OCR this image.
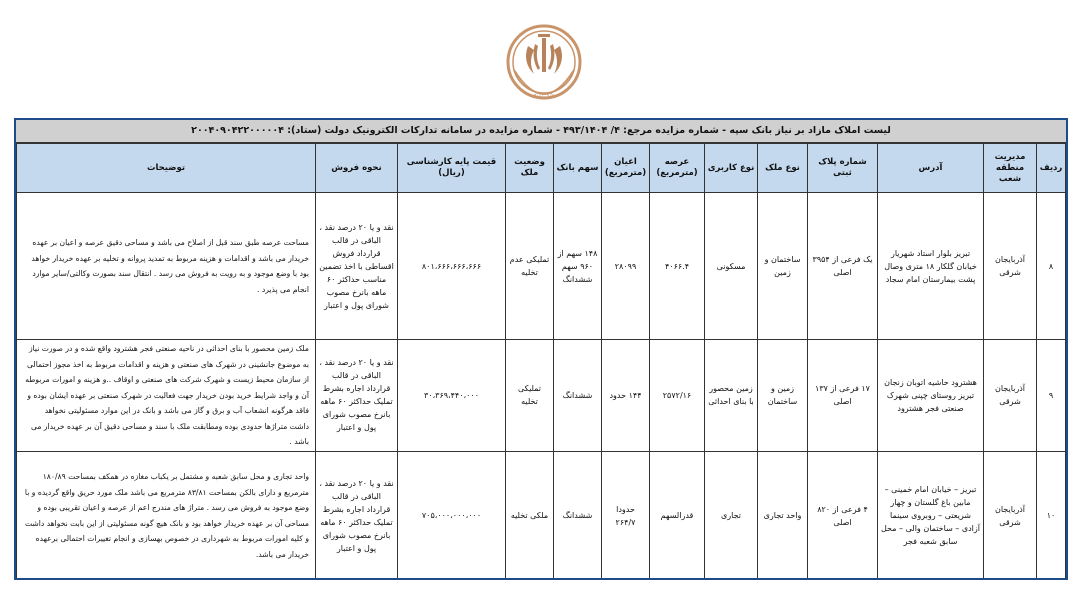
بانک سپه
لیست املاک مازاد بر نیاز بانک سپه - شماره مزایده مرجع: ۴/ ۴۹۳/۱۴۰۴ - شماره مزایده در سامانه تدارکات الکترونیک دولت (ستاد): ۲۰۰۴۰۹۰۴۲۲۰۰۰۰۰۴
ردیف	مدیریت منطقه شعب	آدرس	شماره پلاک ثبتی	نوع ملک	نوع کاربری	عرصه (مترمربع)	اعیان (مترمربع)	سهم بانک	وضعیت ملک	قیمت پایه کارشناسی (ریال)	نحوه فروش	توضیحات
۸	آذربایجان شرقی	تبریز بلوار استاد شهریار خیابان گلکار ۱۸ متری وصال پشت بیمارستان امام سجاد	یک فرعی از ۳۹۵۴ اصلی	ساختمان و زمین	مسکونی	۴۰۶۶.۴	۲۸۰۹۹	۱۴۸ سهم از ۹۶۰ سهم ششدانگ	تملیکی عدم تخلیه	۸۰۱،۶۶۶،۶۶۶،۶۶۶	نقد و یا ۲۰ درصد نقد ، الباقی در قالب قرارداد فروش اقساطی با اخذ تضمین مناسب حداکثر ۶۰ ماهه بانرخ مصوب شورای پول و اعتبار	مساحت عرصه طبق سند قبل از اصلاح می باشد و مساحی دقیق عرصه و اعیان بر عهده خریدار می باشد و اقدامات و هزینه مربوط به تمدید پروانه و تخلیه بر عهده خریدار خواهد بود با وضع موجود و به رویت به فروش می رسد . انتقال سند بصورت وکالتی/سایر موارد انجام می پذیرد .
۹	آذربایجان شرقی	هشترود حاشیه اتوبان زنجان تبریز روستای چپنی شهرک صنعتی فجر هشترود	۱۷ فرعی از ۱۳۷ اصلی	زمین و ساختمان	زمین محصور با بنای احداثی	۲۵۷۲/۱۶	۱۴۴ حدود	ششدانگ	تملیکی تخلیه	۳۰،۳۶۹،۴۴۰،۰۰۰	نقد و یا ۲۰ درصد نقد ، الباقی در قالب قرارداد اجاره بشرط تملیک حداکثر ۶۰ ماهه بانرخ مصوب شورای پول و اعتبار	ملک زمین محصور با بنای احداثی در ناحیه صنعتی فجر هشترود واقع شده و در صورت نیاز به موضوع جانشینی در شهرک های صنعتی و هزینه و اقدامات مربوط به اخذ مجوز احتمالی از سازمان محیط زیست و شهرک شرکت های صنعتی و اوقاف ..و هزینه و امورات مربوطه آن و واجد شرایط خرید بودن خریدار جهت فعالیت در شهرک صنعتی بر عهده ایشان بوده و فاقد هرگونه انشعاب آب و برق و گاز می باشد و بانک در این موارد مسئولیتی نخواهد داشت متراژها حدودی بوده ومطابقت ملک با سند و مساحی دقیق آن بر عهده خریدار می باشد .
۱۰	آذربایجان شرقی	تبریز – خیابان امام خمینی – مابین باغ گلستان و چهار شریعتی – روبروی سینما آزادی – ساختمان والی – محل سابق شعبه فجر	۴ فرعی از ۸۲۰ اصلی	واحد تجاری	تجاری	قدرالسهم	حدودا ۲۶۴/۷	ششدانگ	ملکی تخلیه	۷۰۵،۰۰۰،۰۰۰،۰۰۰	نقد و یا ۲۰ درصد نقد ، الباقی در قالب قرارداد اجاره بشرط تملیک حداکثر ۶۰ ماهه بانرخ مصوب شورای پول و اعتبار	واحد تجاری و محل سابق شعبه و مشتمل بر یکباب مغازه در همکف بمساحت ۱۸۰/۸۹ مترمربع و دارای بالکن بمساحت ۸۳/۸۱ مترمربع می باشد ملک مورد حریق واقع گردیده و با وضع موجود به فروش می رسد . متراژ های مندرج اعم از عرصه و اعیان تقریبی بوده و مساحی آن بر عهده خریدار خواهد بود و بانک هیچ گونه مسئولیتی از این بابت نخواهد داشت و کلیه امورات مربوط به شهرداری در خصوص بهسازی و انجام تغییرات احتمالی برعهده خریدار می باشد.
